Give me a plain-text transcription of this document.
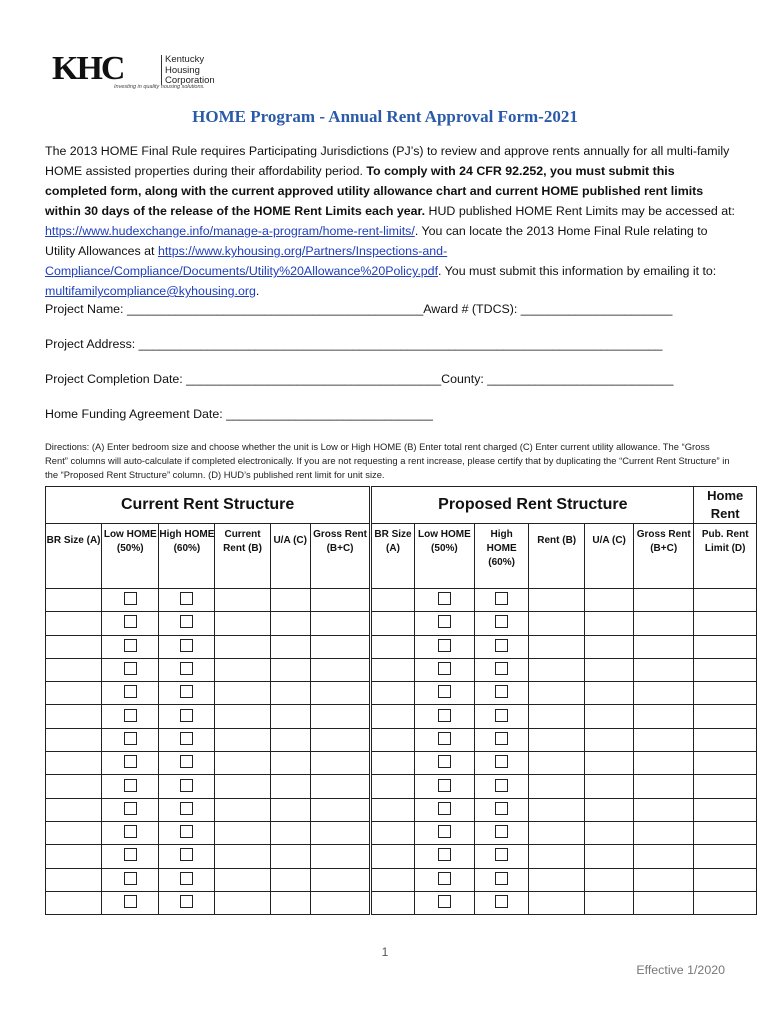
KHC	Kentucky
Housing
Corporation
Investing in quality housing solutions.
HOME Program - Annual Rent Approval Form-2021
The 2013 HOME Final Rule requires Participating Jurisdictions (PJ’s) to review and approve rents annually for all multi-family HOME assisted properties during their affordability period. To comply with 24 CFR 92.252, you must submit this completed form, along with the current approved utility allowance chart and current HOME published rent limits within 30 days of the release of the HOME Rent Limits each year. HUD published HOME Rent Limits may be accessed at: https://www.hudexchange.info/manage-a-program/home-rent-limits/. You can locate the 2013 Home Final Rule relating to Utility Allowances at https://www.kyhousing.org/Partners/Inspections-and-Compliance/Compliance/Documents/Utility%20Allowance%20Policy.pdf. You must submit this information by emailing it to: multifamilycompliance@kyhousing.org.
Project Name: ___________________________________________Award # (TDCS): ______________________
Project Address: ____________________________________________________________________________
Project Completion Date: _____________________________________County: ___________________________
Home Funding Agreement Date: ______________________________
Directions: (A) Enter bedroom size and choose whether the unit is Low or High HOME (B) Enter total rent charged (C) Enter current utility allowance. The “Gross Rent” columns will auto-calculate if completed electronically. If you are not requesting a rent increase, please certify that by duplicating the “Current Rent Structure” in the “Proposed Rent Structure” column. (D) HUD’s published rent limit for unit size.
Current Rent Structure						Proposed Rent Structure						Home Rent
BR Size (A)	Low HOME (50%)	High HOME (60%)	Current Rent (B)	U/A (C)	Gross Rent (B+C)	BR Size (A)	Low HOME (50%)	High HOME (60%)	Rent (B)	U/A (C)	Gross Rent (B+C)	Pub. Rent Limit (D)

1
Effective 1/2020
